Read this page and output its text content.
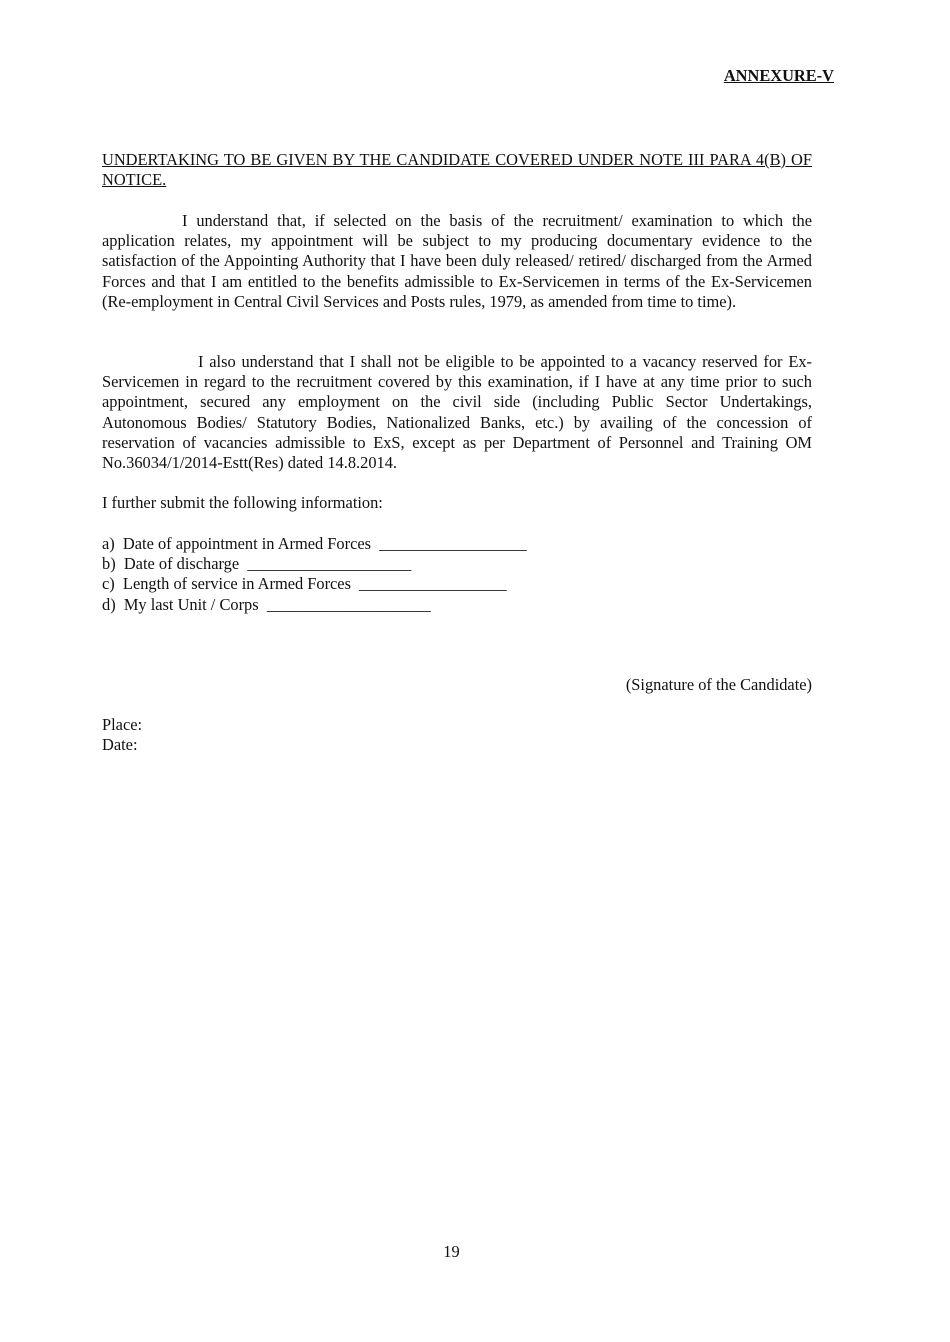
ANNEXURE-V
UNDERTAKING TO BE GIVEN BY THE CANDIDATE COVERED UNDER NOTE III PARA 4(B) OF NOTICE.

I understand that, if selected on the basis of the recruitment/ examination to which the application relates, my appointment will be subject to my producing documentary evidence to the satisfaction of the Appointing Authority that I have been duly released/ retired/ discharged from the Armed Forces and that I am entitled to the benefits admissible to Ex-Servicemen in terms of the Ex-Servicemen (Re-employment in Central Civil Services and Posts rules, 1979, as amended from time to time).

I also understand that I shall not be eligible to be appointed to a vacancy reserved for Ex-Servicemen in regard to the recruitment covered by this examination, if I have at any time prior to such appointment, secured any employment on the civil side (including Public Sector Undertakings, Autonomous Bodies/ Statutory Bodies, Nationalized Banks, etc.) by availing of the concession of reservation of vacancies admissible to ExS, except as per Department of Personnel and Training OM No.36034/1/2014-Estt(Res) dated 14.8.2014.

I further submit the following information:

a)  Date of appointment in Armed Forces  __________________
b)  Date of discharge  ____________________
c)  Length of service in Armed Forces  __________________
d)  My last Unit / Corps  ____________________
(Signature of the Candidate)
Place:
Date:
19
